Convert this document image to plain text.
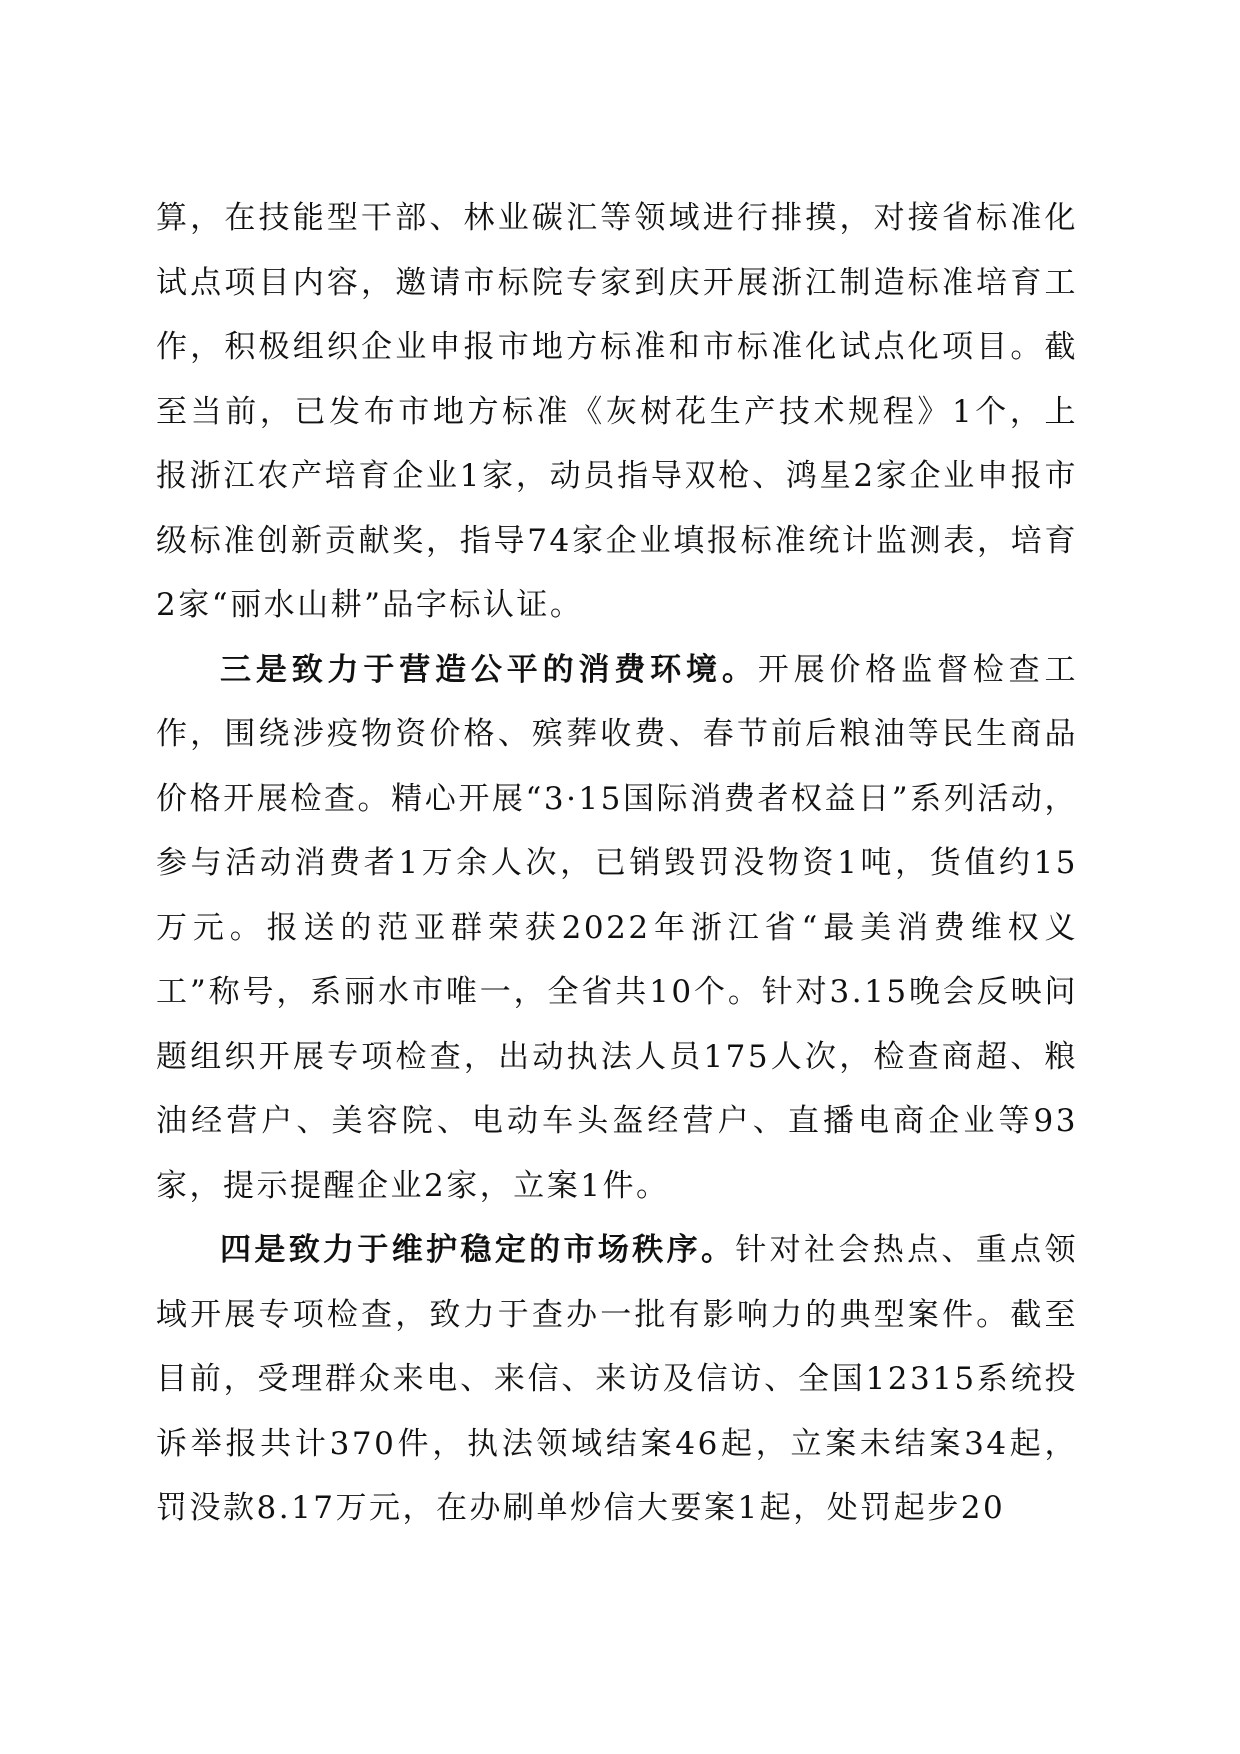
算，在技能型干部、林业碳汇等领域进行排摸，对接省标准化试点项目内容，邀请市标院专家到庆开展浙江制造标准培育工作，积极组织企业申报市地方标准和市标准化试点化项目。截至当前，已发布市地方标准《灰树花生产技术规程》1个，上报浙江农产培育企业1家，动员指导双枪、鸿星2家企业申报市级标准创新贡献奖，指导74家企业填报标准统计监测表，培育2家“丽水山耕”品字标认证。

三是致力于营造公平的消费环境。开展价格监督检查工作，围绕涉疫物资价格、殡葬收费、春节前后粮油等民生商品价格开展检查。精心开展“3·15国际消费者权益日”系列活动，参与活动消费者1万余人次，已销毁罚没物资1吨，货值约15万元。报送的范亚群荣获2022年浙江省“最美消费维权义工”称号，系丽水市唯一，全省共10个。针对3.15晚会反映问题组织开展专项检查，出动执法人员175人次，检查商超、粮油经营户、美容院、电动车头盔经营户、直播电商企业等93家，提示提醒企业2家，立案1件。

四是致力于维护稳定的市场秩序。针对社会热点、重点领域开展专项检查，致力于查办一批有影响力的典型案件。截至目前，受理群众来电、来信、来访及信访、全国12315系统投诉举报共计370件，执法领域结案46起，立案未结案34起，罚没款8.17万元，在办刷单炒信大要案1起，处罚起步20
